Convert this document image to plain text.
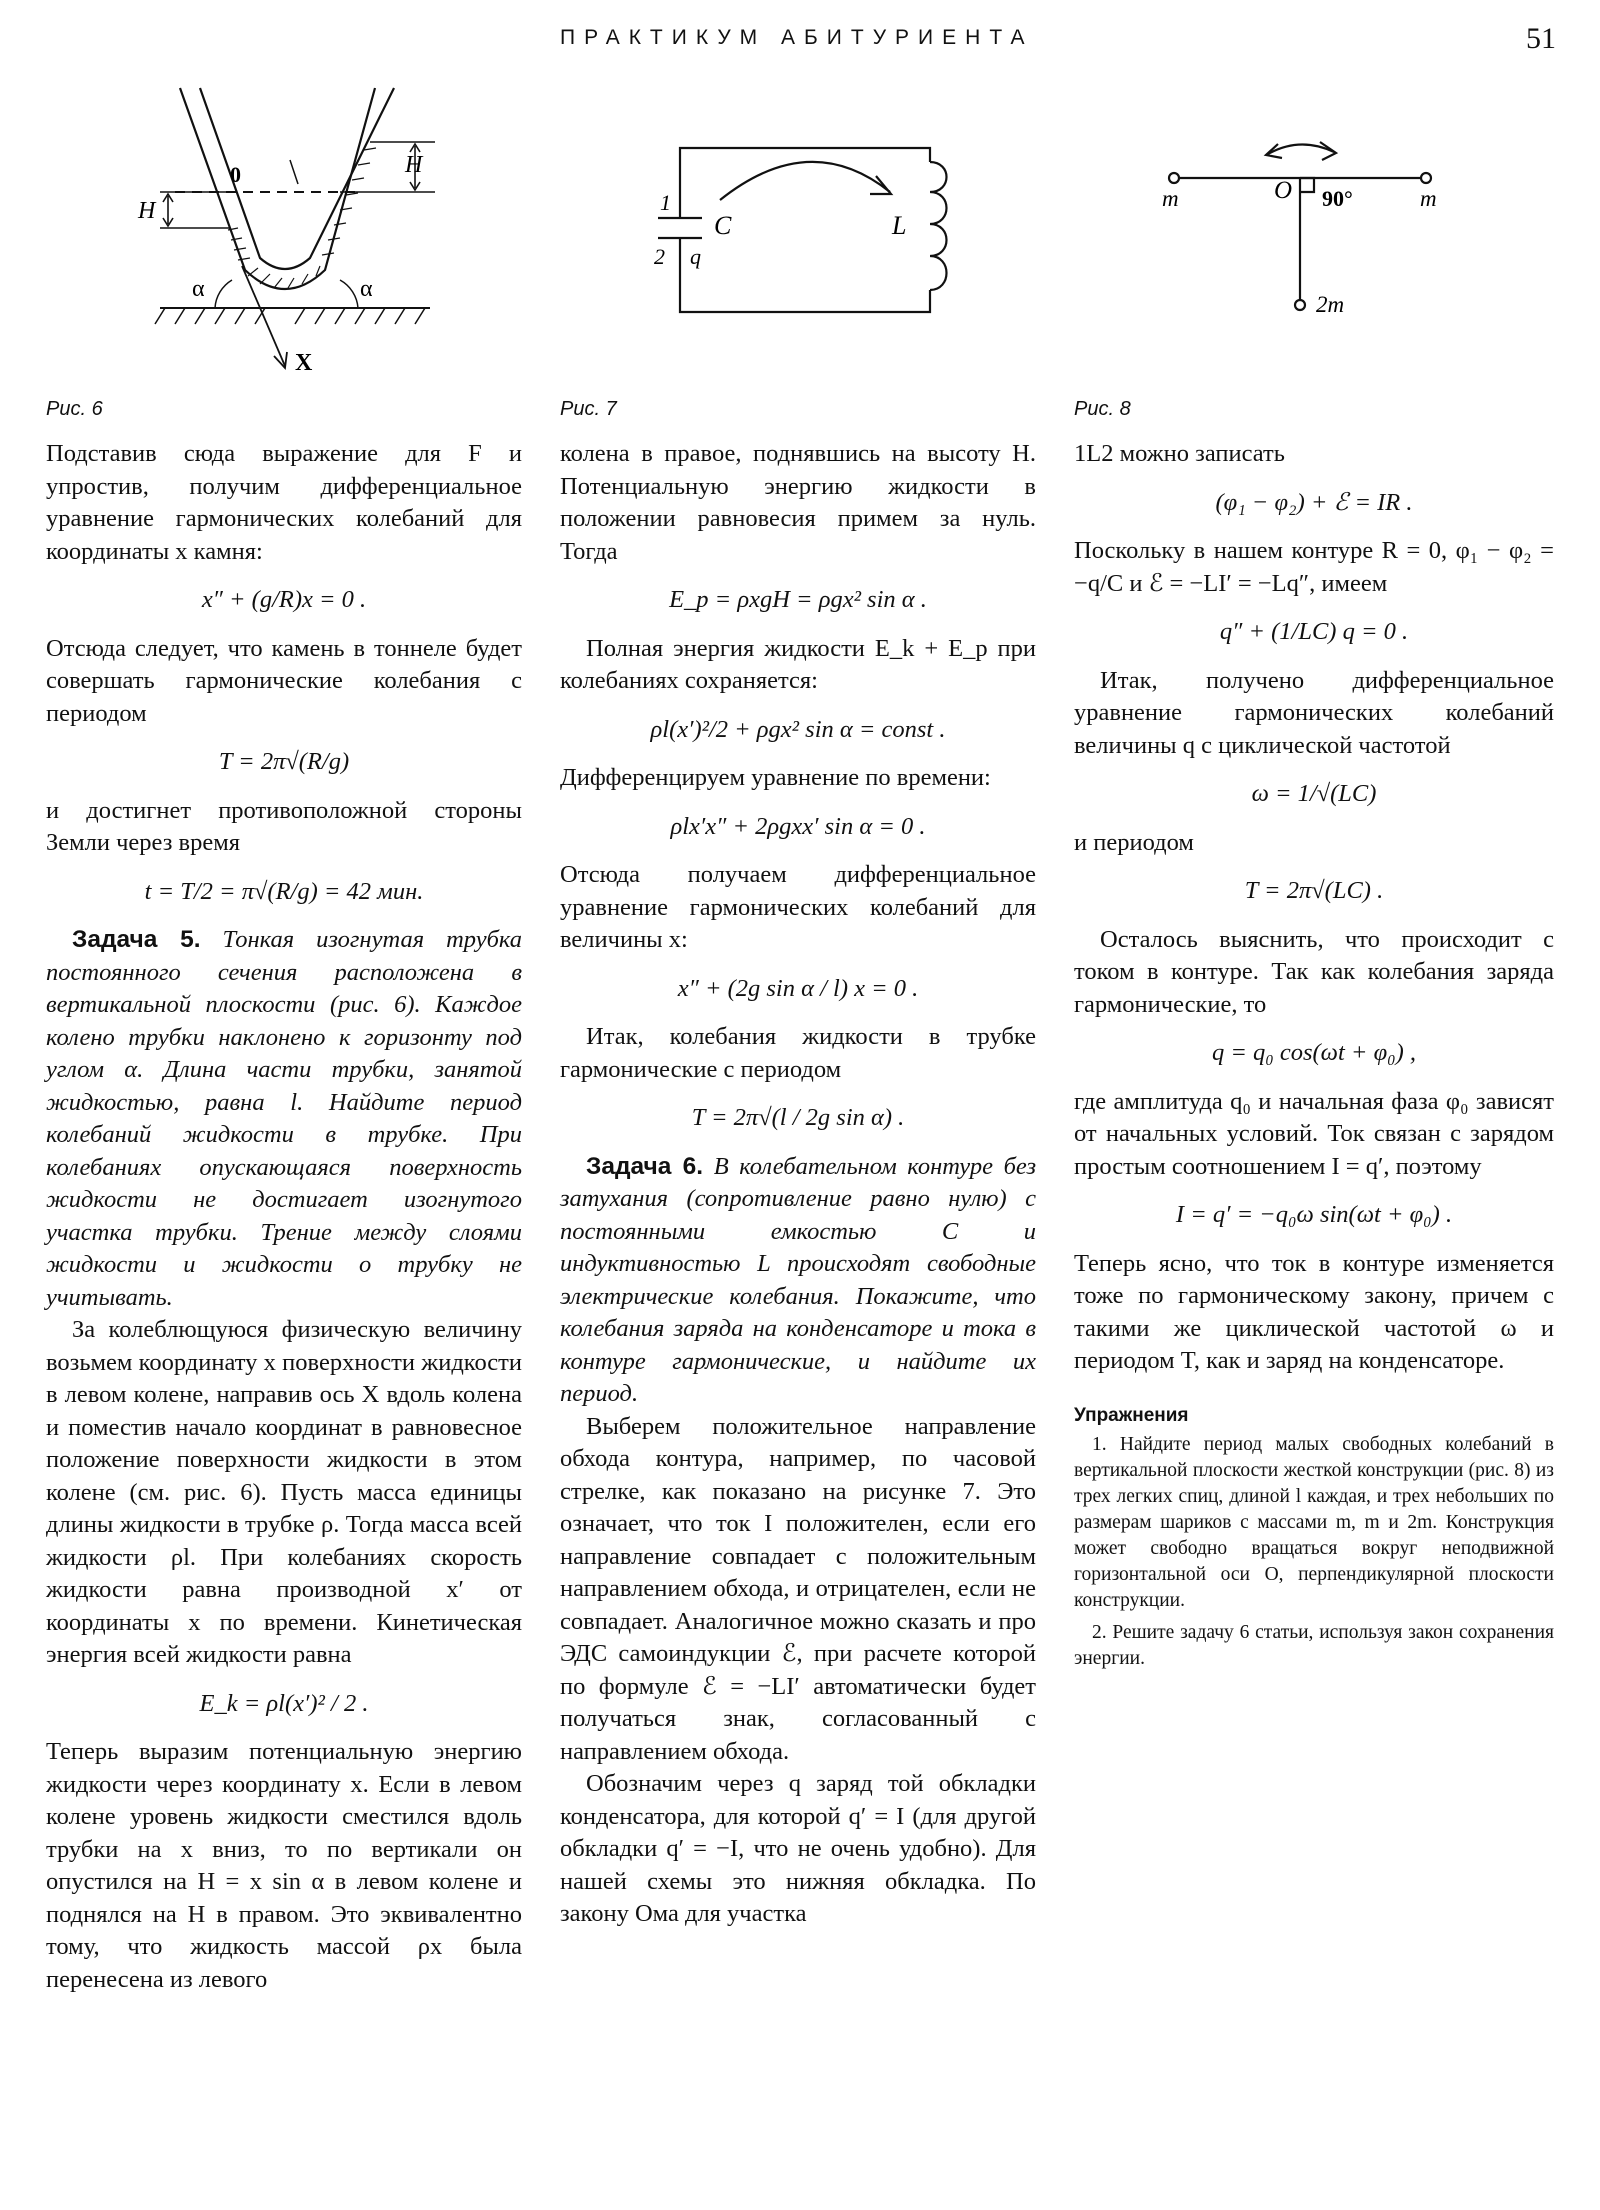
ПРАКТИКУМ АБИТУРИЕНТА	51
0
H
H
α	α
X
1
2
C
q
L
m	O 90°	m
2m
Рис. 6	Рис. 7	Рис. 8

Подставив сюда выражение для F и упростив, получим дифференциальное уравнение гармонических колебаний для координаты x камня:

x″ + (g/R)x = 0 .

Отсюда следует, что камень в тоннеле будет совершать гармонические колебания с периодом

T = 2π√(R/g)

и достигнет противоположной стороны Земли через время

t = T/2 = π√(R/g) = 42 мин.

Задача 5. Тонкая изогнутая трубка постоянного сечения расположена в вертикальной плоскости (рис. 6). Каждое колено трубки наклонено к горизонту под углом α. Длина части трубки, занятой жидкостью, равна l. Найдите период колебаний жидкости в трубке. При колебаниях опускающаяся поверхность жидкости не достигает изогнутого участка трубки. Трение между слоями жидкости и жидкости о трубку не учитывать.

За колеблющуюся физическую величину возьмем координату x поверхности жидкости в левом колене, направив ось X вдоль колена и поместив начало координат в равновесное положение поверхности жидкости в этом колене (см. рис. 6). Пусть масса единицы длины жидкости в трубке ρ. Тогда масса всей жидкости ρl. При колебаниях скорость жидкости равна производной x′ от координаты x по времени. Кинетическая энергия всей жидкости равна

E_k = ρl(x′)² / 2 .

Теперь выразим потенциальную энергию жидкости через координату x. Если в левом колене уровень жидкости сместился вдоль трубки на x вниз, то по вертикали он опустился на H = x sin α в левом колене и поднялся на H в правом. Это эквивалентно тому, что жидкость массой ρx была перенесена из левого

колена в правое, поднявшись на высоту H. Потенциальную энергию жидкости в положении равновесия примем за нуль. Тогда

E_p = ρxgH = ρgx² sin α .

Полная энергия жидкости E_k + E_p при колебаниях сохраняется:

ρl(x′)²/2 + ρgx² sin α = const .

Дифференцируем уравнение по времени:

ρlx′x″ + 2ρgxx′ sin α = 0 .

Отсюда получаем дифференциальное уравнение гармонических колебаний для величины x:

x″ + (2g sin α / l) x = 0 .

Итак, колебания жидкости в трубке гармонические с периодом

T = 2π√(l / 2g sin α) .

Задача 6. В колебательном контуре без затухания (сопротивление равно нулю) с постоянными емкостью C и индуктивностью L происходят свободные электрические колебания. Покажите, что колебания заряда на конденсаторе и тока в контуре гармонические, и найдите их период.

Выберем положительное направление обхода контура, например, по часовой стрелке, как показано на рисунке 7. Это означает, что ток I положителен, если его направление совпадает с положительным направлением обхода, и отрицателен, если не совпадает. Аналогичное можно сказать и про ЭДС самоиндукции ℰ, при расчете которой по формуле ℰ = −LI′ автоматически будет получаться знак, согласованный с направлением обхода.

Обозначим через q заряд той обкладки конденсатора, для которой q′ = I (для другой обкладки q′ = −I, что не очень удобно). Для нашей схемы это нижняя обкладка. По закону Ома для участка

1L2 можно записать

(φ₁ − φ₂) + ℰ = IR .

Поскольку в нашем контуре R = 0, φ₁ − φ₂ = −q/C и ℰ = −LI′ = −Lq″, имеем

q″ + (1/LC) q = 0 .

Итак, получено дифференциальное уравнение гармонических колебаний величины q с циклической частотой

ω = 1/√(LC)

и периодом

T = 2π√(LC) .

Осталось выяснить, что происходит с током в контуре. Так как колебания заряда гармонические, то

q = q₀ cos(ωt + φ₀) ,

где амплитуда q₀ и начальная фаза φ₀ зависят от начальных условий. Ток связан с зарядом простым соотношением I = q′, поэтому

I = q′ = −q₀ω sin(ωt + φ₀) .

Теперь ясно, что ток в контуре изменяется тоже по гармоническому закону, причем с такими же циклической частотой ω и периодом T, как и заряд на конденсаторе.

Упражнения

1. Найдите период малых свободных колебаний в вертикальной плоскости жесткой конструкции (рис. 8) из трех легких спиц, длиной l каждая, и трех небольших по размерам шариков с массами m, m и 2m. Конструкция может свободно вращаться вокруг неподвижной горизонтальной оси O, перпендикулярной плоскости конструкции.

2. Решите задачу 6 статьи, используя закон сохранения энергии.
